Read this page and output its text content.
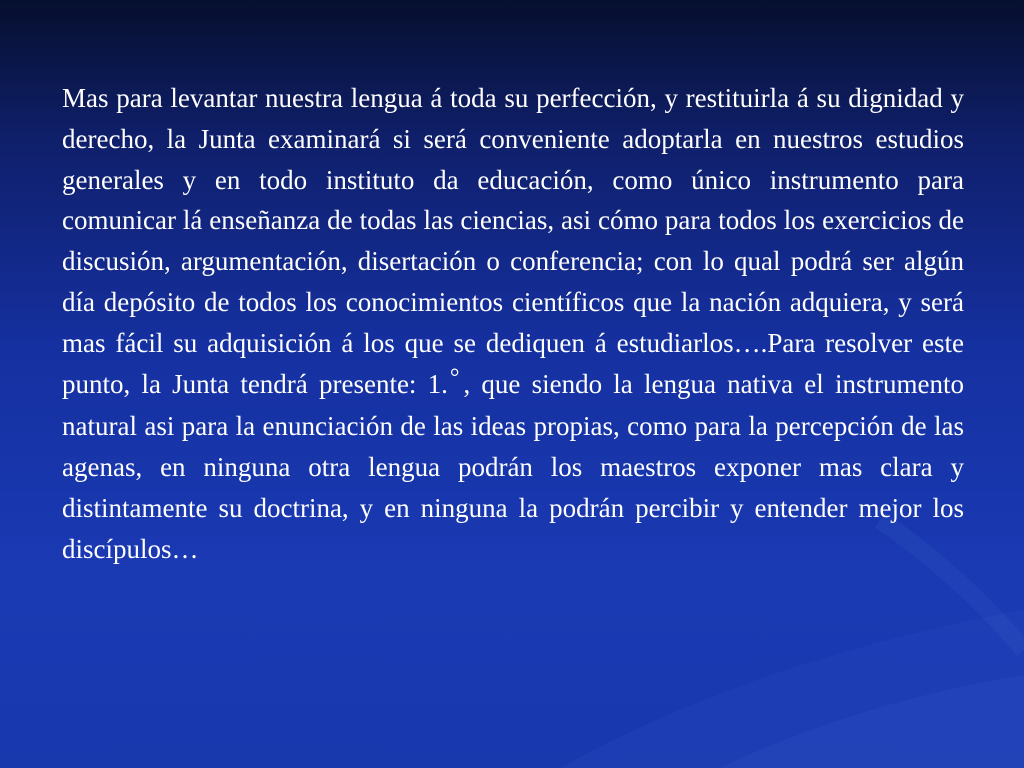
Mas para levantar nuestra lengua á toda su perfección, y restituirla á su dignidad y derecho, la Junta examinará si será conveniente adoptarla en nuestros estudios generales y en todo instituto da educación, como único instrumento para comunicar lá enseñanza de todas las ciencias, asi cómo para todos los exercicios de discusión, argumentación, disertación o conferencia; con lo qual podrá ser algún día depósito de todos los conocimientos científicos que la nación adquiera, y será mas fácil su adquisición á los que se dediquen á estudiarlos….Para resolver este punto, la Junta tendrá presente: 1.° , que siendo la lengua nativa el instrumento natural asi para la enunciación de las ideas propias, como para la percepción de las agenas, en ninguna otra lengua podrán los maestros exponer mas clara y distintamente su doctrina, y en ninguna la podrán percibir y entender mejor los discípulos…
